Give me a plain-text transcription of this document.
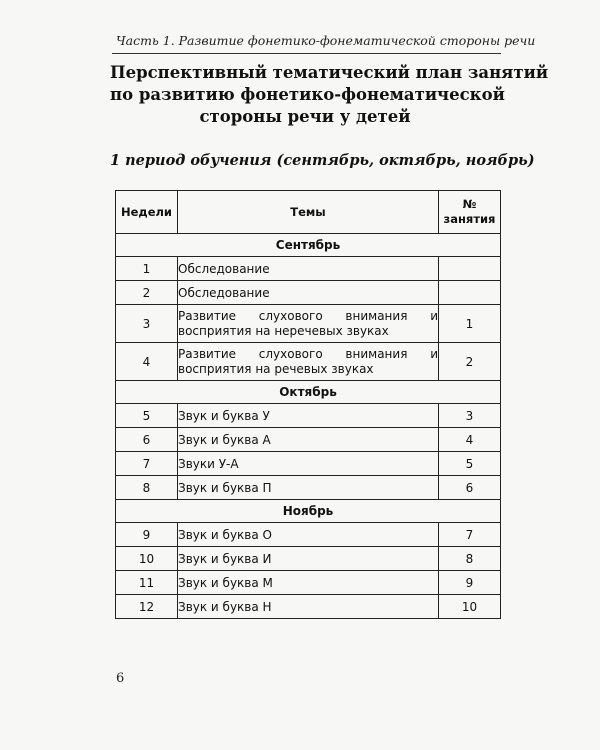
Часть 1. Развитие фонетико-фонематической стороны речи
Перспективный тематический план занятий
по развитию фонетико-фонематической
стороны речи у детей
1 период обучения (сентябрь, октябрь, ноябрь)
Недели	Темы	№
занятия
Сентябрь		
1	Обследование	
2	Обследование	
3	Развитие слухового внимания и восприятия на неречевых звуках	1
4	Развитие слухового внимания и восприятия на речевых звуках	2
Октябрь		
5	Звук и буква У	3
6	Звук и буква А	4
7	Звуки У-А	5
8	Звук и буква П	6
Ноябрь		
9	Звук и буква О	7
10	Звук и буква И	8
11	Звук и буква М	9
12	Звук и буква Н	10
6
